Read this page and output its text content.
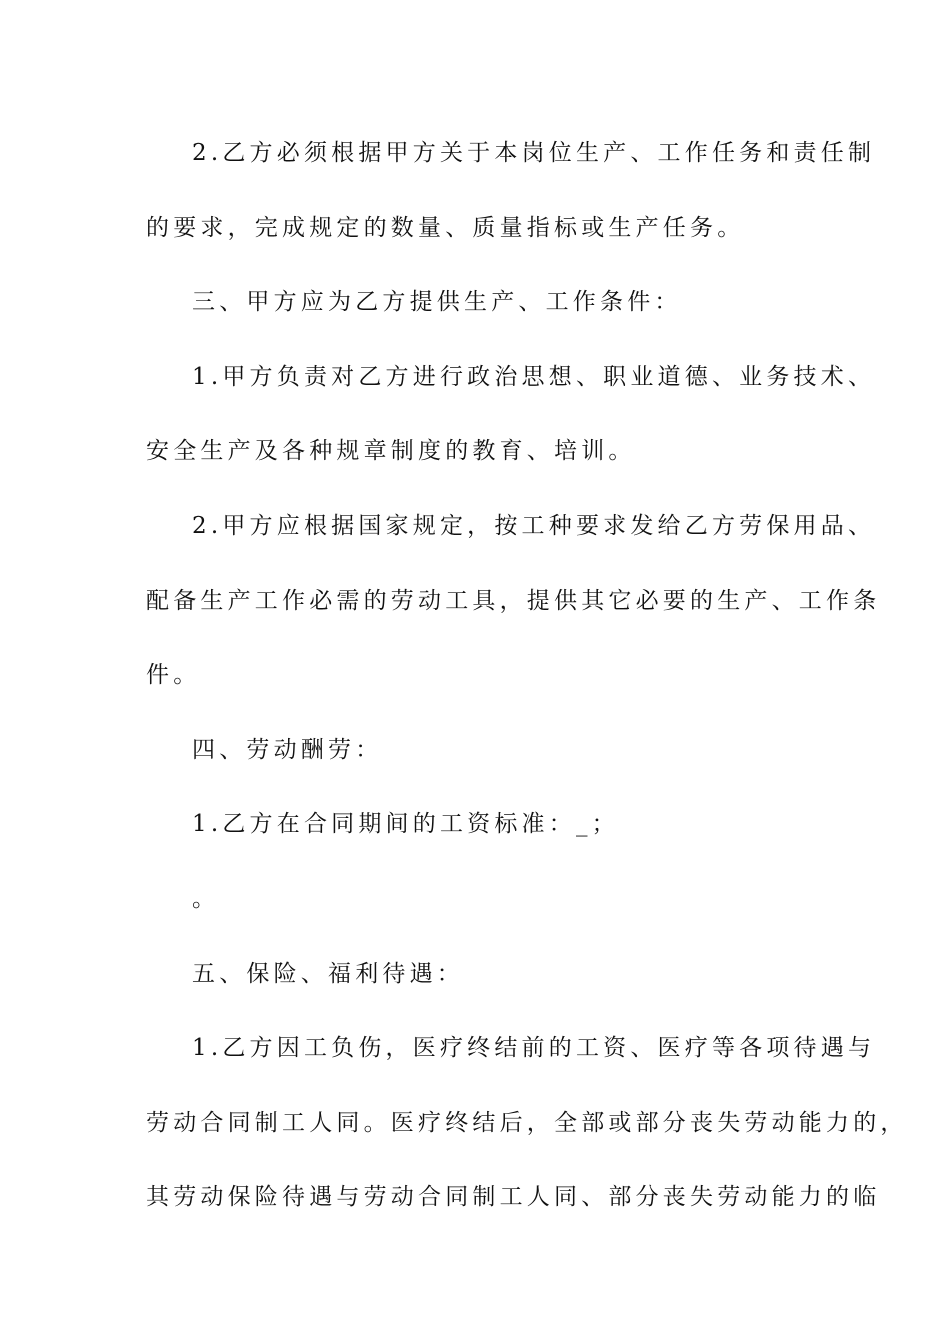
2.乙方必须根据甲方关于本岗位生产、工作任务和责任制
的要求，完成规定的数量、质量指标或生产任务。
三、甲方应为乙方提供生产、工作条件：
1.甲方负责对乙方进行政治思想、职业道德、业务技术、
安全生产及各种规章制度的教育、培训。
2.甲方应根据国家规定，按工种要求发给乙方劳保用品、
配备生产工作必需的劳动工具，提供其它必要的生产、工作条
件。
四、劳动酬劳：
1.乙方在合同期间的工资标准：_；
。
五、保险、福利待遇：
1.乙方因工负伤，医疗终结前的工资、医疗等各项待遇与
劳动合同制工人同。医疗终结后，全部或部分丧失劳动能力的，
其劳动保险待遇与劳动合同制工人同、部分丧失劳动能力的临
